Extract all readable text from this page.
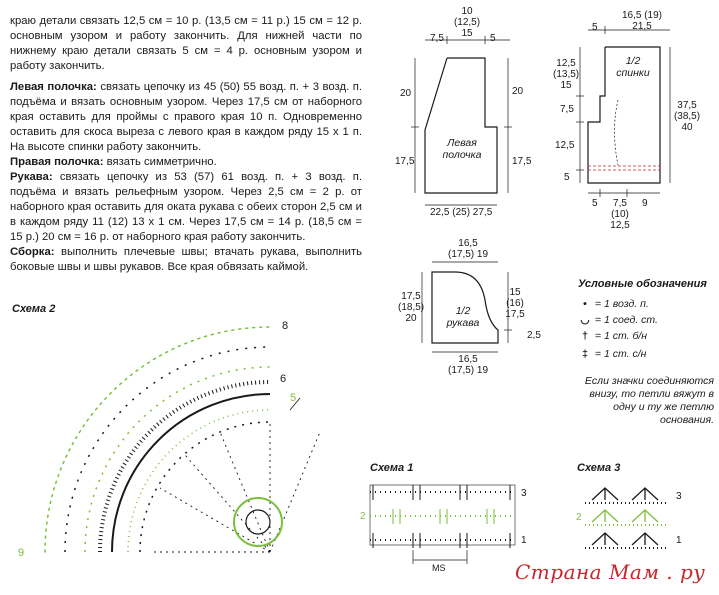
краю детали связать 12,5 см = 10 р. (13,5 см = 11 р.) 15 см = 12 р. основным узором и работу закончить. Для нижней части по нижнему краю детали связать 5 см = 4 р. основным узором и работу закончить.
Левая полочка: связать цепочку из 45 (50) 55 возд. п. + 3 возд. п. подъёма и вязать основным узором. Через 17,5 см от наборного края оставить для проймы с правого края 10 п. Одновременно оставить для скоса выреза с левого края в каждом ряду 15 х 1 п. На высоте спинки работу закончить.
Правая полочка: вязать симметрично.
Рукава: связать цепочку из 53 (57) 61 возд. п. + 3 возд. п. подъёма и вязать рельефным узором. Через 2,5 см = 2 р. от наборного края оставить для оката рукава с обеих сторон 2,5 см и в каждом ряду 11 (12) 13 х 1 см. Через 17,5 см = 14 р. (18,5 см = 15 р.) 20 см = 16 р. от наборного края работу закончить.
Сборка: выполнить плечевые швы; втачать рукава, выполнить боковые швы и швы рукавов. Все края обвязать каймой.
10
(12,5)
15
7,5	5
20
17,5
20
17,5
Левая
полочка
22,5 (25) 27,5
5
16,5 (19)
21,5
12,5
(13,5)
15
7,5
12,5
5
37,5
(38,5)
40
1/2
спинки
5	7,5
(10)
12,5
9
16,5
(17,5) 19
17,5
(18,5)
20
15
(16)
17,5
2,5
1/2
рукава
16,5
(17,5) 19
Условные обозначения
• = 1 возд. п.
◡ = 1 соед. ст.
† = 1 ст. б/н
‡ = 1 ст. с/н
Если значки соединяются внизу, то петли вяжут в одну и ту же петлю основания.
Схема 2
8
6
5
9
Схема 1
3
2
1
MS
Схема 3
3
2
1
Страна Мам . ру
